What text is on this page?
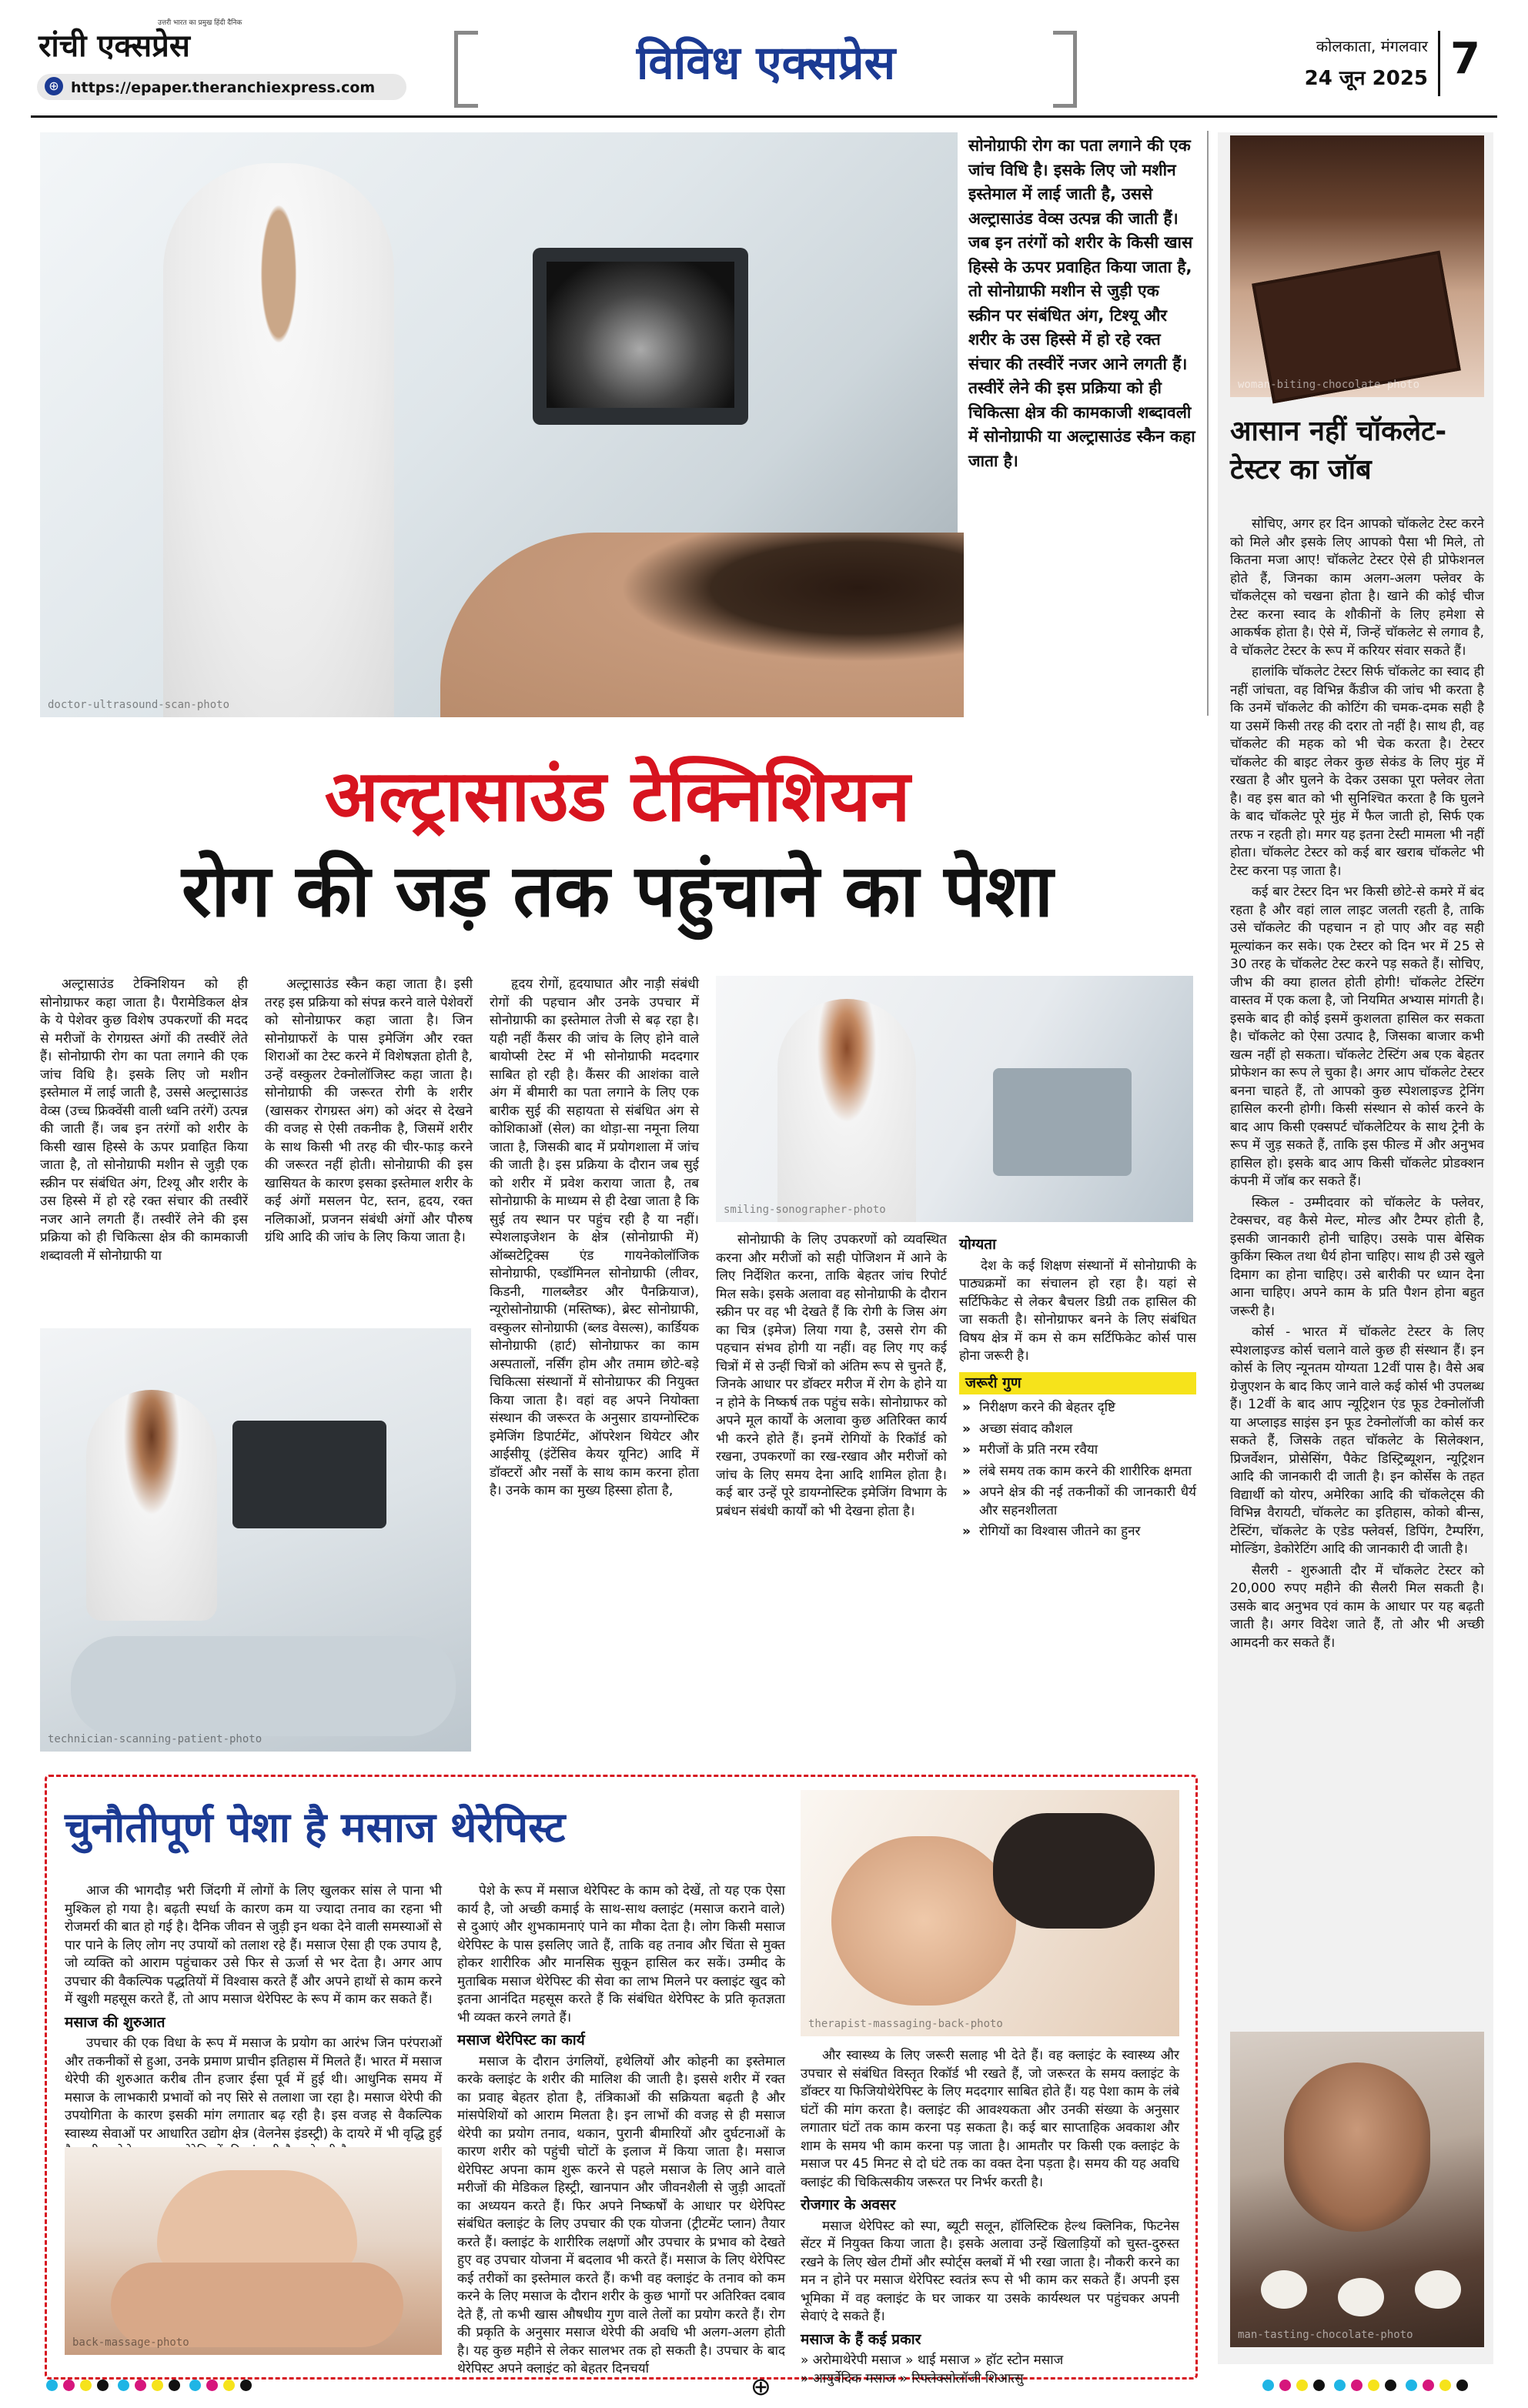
रांची एक्सप्रेस
उत्तरी भारत का प्रमुख हिंदी दैनिक
⊕ https://epaper.theranchiexpress.com	विविध एक्सप्रेस	कोलकाता, मंगलवार
24 जून 2025 7
doctor-ultrasound-scan-photo
सोनोग्राफी रोग का पता लगाने की एक जांच विधि है। इसके लिए जो मशीन इस्तेमाल में लाई जाती है, उससे अल्ट्रासाउंड वेव्स उत्पन्न की जाती हैं। जब इन तरंगों को शरीर के किसी खास हिस्से के ऊपर प्रवाहित किया जाता है, तो सोनोग्राफी मशीन से जुड़ी एक स्क्रीन पर संबंधित अंग, टिश्यू और शरीर के उस हिस्से में हो रहे रक्त संचार की तस्वीरें नजर आने लगती हैं। तस्वीरें लेने की इस प्रक्रिया को ही चिकित्सा क्षेत्र की कामकाजी शब्दावली में सोनोग्राफी या अल्ट्रासाउंड स्कैन कहा जाता है।
अल्ट्रासाउंड टेक्निशियन
रोग की जड़ तक पहुंचाने का पेशा

अल्ट्रासाउंड टेक्निशियन को ही सोनोग्राफर कहा जाता है। पैरामेडिकल क्षेत्र के ये पेशेवर कुछ विशेष उपकरणों की मदद से मरीजों के रोगग्रस्त अंगों की तस्वीरें लेते हैं। सोनोग्राफी रोग का पता लगाने की एक जांच विधि है। इसके लिए जो मशीन इस्तेमाल में लाई जाती है, उससे अल्ट्रासाउंड वेव्स (उच्च फ्रिक्वेंसी वाली ध्वनि तरंगें) उत्पन्न की जाती हैं। जब इन तरंगों को शरीर के किसी खास हिस्से के ऊपर प्रवाहित किया जाता है, तो सोनोग्राफी मशीन से जुड़ी एक स्क्रीन पर संबंधित अंग, टिश्यू और शरीर के उस हिस्से में हो रहे रक्त संचार की तस्वीरें नजर आने लगती हैं। तस्वीरें लेने की इस प्रक्रिया को ही चिकित्सा क्षेत्र की कामकाजी शब्दावली में सोनोग्राफी या

अल्ट्रासाउंड स्कैन कहा जाता है। इसी तरह इस प्रक्रिया को संपन्न करने वाले पेशेवरों को सोनोग्राफर कहा जाता है। जिन सोनोग्राफरों के पास इमेजिंग और रक्त शिराओं का टेस्ट करने में विशेषज्ञता होती है, उन्हें वस्कुलर टेक्नोलॉजिस्ट कहा जाता है। सोनोग्राफी की जरूरत रोगी के शरीर (खासकर रोगग्रस्त अंग) को अंदर से देखने की वजह से ऐसी तकनीक है, जिसमें शरीर के साथ किसी भी तरह की चीर-फाड़ करने की जरूरत नहीं होती। सोनोग्राफी की इस खासियत के कारण इसका इस्तेमाल शरीर के कई अंगों मसलन पेट, स्तन, हृदय, रक्त नलिकाओं, प्रजनन संबंधी अंगों और पौरुष ग्रंथि आदि की जांच के लिए किया जाता है।

हृदय रोगों, हृदयाघात और नाड़ी संबंधी रोगों की पहचान और उनके उपचार में सोनोग्राफी का इस्तेमाल तेजी से बढ़ रहा है। यही नहीं कैंसर की जांच के लिए होने वाले बायोप्सी टेस्ट में भी सोनोग्राफी मददगार साबित हो रही है। कैंसर की आशंका वाले अंग में बीमारी का पता लगाने के लिए एक बारीक सुई की सहायता से संबंधित अंग से कोशिकाओं (सेल) का थोड़ा-सा नमूना लिया जाता है, जिसकी बाद में प्रयोगशाला में जांच की जाती है। इस प्रक्रिया के दौरान जब सुई को शरीर में प्रवेश कराया जाता है, तब सोनोग्राफी के माध्यम से ही देखा जाता है कि सुई तय स्थान पर पहुंच रही है या नहीं। स्पेशलाइजेशन के क्षेत्र (सोनोग्राफी में) ऑब्सटेट्रिक्स एंड गायनेकोलॉजिक सोनोग्राफी, एब्डॉमिनल सोनोग्राफी (लीवर, किडनी, गालब्लैडर और पैनक्रियाज), न्यूरोसोनोग्राफी (मस्तिष्क), ब्रेस्ट सोनोग्राफी, वस्कुलर सोनोग्राफी (ब्लड वेसल्स), कार्डियक सोनोग्राफी (हार्ट) सोनोग्राफर का काम अस्पतालों, नर्सिंग होम और तमाम छोटे-बड़े चिकित्सा संस्थानों में सोनोग्राफर की नियुक्त किया जाता है। वहां वह अपने नियोक्ता संस्थान की जरूरत के अनुसार डायग्नोस्टिक इमेजिंग डिपार्टमेंट, ऑपरेशन थियेटर और आईसीयू (इंटेंसिव केयर यूनिट) आदि में डॉक्टरों और नर्सों के साथ काम करना होता है। उनके काम का मुख्य हिस्सा होता है,

smiling-sonographer-photo

सोनोग्राफी के लिए उपकरणों को व्यवस्थित करना और मरीजों को सही पोजिशन में आने के लिए निर्देशित करना, ताकि बेहतर जांच रिपोर्ट मिल सके। इसके अलावा वह सोनोग्राफी के दौरान स्क्रीन पर वह भी देखते हैं कि रोगी के जिस अंग का चित्र (इमेज) लिया गया है, उससे रोग की पहचान संभव होगी या नहीं। वह लिए गए कई चित्रों में से उन्हीं चित्रों को अंतिम रूप से चुनते हैं, जिनके आधार पर डॉक्टर मरीज में रोग के होने या न होने के निष्कर्ष तक पहुंच सके। सोनोग्राफर को अपने मूल कार्यों के अलावा कुछ अतिरिक्त कार्य भी करने होते हैं। इनमें रोगियों के रिकॉर्ड को रखना, उपकरणों का रख-रखाव और मरीजों को जांच के लिए समय देना आदि शामिल होता है। कई बार उन्हें पूरे डायग्नोस्टिक इमेजिंग विभाग के प्रबंधन संबंधी कार्यों को भी देखना होता है।

योग्यता

देश के कई शिक्षण संस्थानों में सोनोग्राफी के पाठ्यक्रमों का संचालन हो रहा है। यहां से सर्टिफिकेट से लेकर बैचलर डिग्री तक हासिल की जा सकती है। सोनोग्राफर बनने के लिए संबंधित विषय क्षेत्र में कम से कम सर्टिफिकेट कोर्स पास होना जरूरी है।

जरूरी गुण
» निरीक्षण करने की बेहतर दृष्टि
» अच्छा संवाद कौशल
» मरीजों के प्रति नरम रवैया
» लंबे समय तक काम करने की शारीरिक क्षमता
» अपने क्षेत्र की नई तकनीकों की जानकारी धैर्य और सहनशीलता
» रोगियों का विश्वास जीतने का हुनर
technician-scanning-patient-photo
woman-biting-chocolate-photo
आसान नहीं चॉकलेट-टेस्टर का जॉब

सोचिए, अगर हर दिन आपको चॉकलेट टेस्ट करने को मिले और इसके लिए आपको पैसा भी मिले, तो कितना मजा आए! चॉकलेट टेस्टर ऐसे ही प्रोफेशनल होते हैं, जिनका काम अलग-अलग फ्लेवर के चॉकलेट्स को चखना होता है। खाने की कोई चीज टेस्ट करना स्वाद के शौकीनों के लिए हमेशा से आकर्षक होता है। ऐसे में, जिन्हें चॉकलेट से लगाव है, वे चॉकलेट टेस्टर के रूप में करियर संवार सकते हैं।

हालांकि चॉकलेट टेस्टर सिर्फ चॉकलेट का स्वाद ही नहीं जांचता, वह विभिन्न कैंडीज की जांच भी करता है कि उनमें चॉकलेट की कोटिंग की चमक-दमक सही है या उसमें किसी तरह की दरार तो नहीं है। साथ ही, वह चॉकलेट की महक को भी चेक करता है। टेस्टर चॉकलेट की बाइट लेकर कुछ सेकंड के लिए मुंह में रखता है और घुलने के देकर उसका पूरा फ्लेवर लेता है। वह इस बात को भी सुनिश्चित करता है कि घुलने के बाद चॉकलेट पूरे मुंह में फैल जाती हो, सिर्फ एक तरफ न रहती हो। मगर यह इतना टेस्टी मामला भी नहीं होता। चॉकलेट टेस्टर को कई बार खराब चॉकलेट भी टेस्ट करना पड़ जाता है।

कई बार टेस्टर दिन भर किसी छोटे-से कमरे में बंद रहता है और वहां लाल लाइट जलती रहती है, ताकि उसे चॉकलेट की पहचान न हो पाए और वह सही मूल्यांकन कर सके। एक टेस्टर को दिन भर में 25 से 30 तरह के चॉकलेट टेस्ट करने पड़ सकते हैं। सोचिए, जीभ की क्या हालत होती होगी! चॉकलेट टेस्टिंग वास्तव में एक कला है, जो नियमित अभ्यास मांगती है। इसके बाद ही कोई इसमें कुशलता हासिल कर सकता है। चॉकलेट को ऐसा उत्पाद है, जिसका बाजार कभी खत्म नहीं हो सकता। चॉकलेट टेस्टिंग अब एक बेहतर प्रोफेशन का रूप ले चुका है। अगर आप चॉकलेट टेस्टर बनना चाहते हैं, तो आपको कुछ स्पेशलाइज्ड ट्रेनिंग हासिल करनी होगी। किसी संस्थान से कोर्स करने के बाद आप किसी एक्सपर्ट चॉकलेटियर के साथ ट्रेनी के रूप में जुड़ सकते हैं, ताकि इस फील्ड में और अनुभव हासिल हो। इसके बाद आप किसी चॉकलेट प्रोडक्शन कंपनी में जॉब कर सकते हैं।

स्किल - उम्मीदवार को चॉकलेट के फ्लेवर, टेक्सचर, वह कैसे मेल्ट, मोल्ड और टैम्पर होती है, इसकी जानकारी होनी चाहिए। उसके पास बेसिक कुकिंग स्किल तथा धैर्य होना चाहिए। साथ ही उसे खुले दिमाग का होना चाहिए। उसे बारीकी पर ध्यान देना आना चाहिए। अपने काम के प्रति पैशन होना बहुत जरूरी है।

कोर्स - भारत में चॉकलेट टेस्टर के लिए स्पेशलाइज्ड कोर्स चलाने वाले कुछ ही संस्थान हैं। इन कोर्स के लिए न्यूनतम योग्यता 12वीं पास है। वैसे अब ग्रेजुएशन के बाद किए जाने वाले कई कोर्स भी उपलब्ध हैं। 12वीं के बाद आप न्यूट्रिशन एंड फूड टेक्नोलॉजी या अप्लाइड साइंस इन फूड टेक्नोलॉजी का कोर्स कर सकते हैं, जिसके तहत चॉकलेट के सिलेक्शन, प्रिजर्वेशन, प्रोसेसिंग, पैकेट डिस्ट्रिब्यूशन, न्यूट्रिशन आदि की जानकारी दी जाती है। इन कोर्सेस के तहत विद्यार्थी को योरप, अमेरिका आदि की चॉकलेट्स की विभिन्न वैरायटी, चॉकलेट का इतिहास, कोको बीन्स, टेस्टिंग, चॉकलेट के एडेड फ्लेवर्स, डिपिंग, टैम्परिंग, मोल्डिंग, डेकोरेटिंग आदि की जानकारी दी जाती है।

सैलरी - शुरुआती दौर में चॉकलेट टेस्टर को 20,000 रुपए महीने की सैलरी मिल सकती है। उसके बाद अनुभव एवं काम के आधार पर यह बढ़ती जाती है। अगर विदेश जाते हैं, तो और भी अच्छी आमदनी कर सकते हैं।

man-tasting-chocolate-photo
चुनौतीपूर्ण पेशा है मसाज थेरेपिस्ट

आज की भागदौड़ भरी जिंदगी में लोगों के लिए खुलकर सांस ले पाना भी मुश्किल हो गया है। बढ़ती स्पर्धा के कारण कम या ज्यादा तनाव का रहना भी रोजमर्रा की बात हो गई है। दैनिक जीवन से जुड़ी इन थका देने वाली समस्याओं से पार पाने के लिए लोग नए उपायों को तलाश रहे हैं। मसाज ऐसा ही एक उपाय है, जो व्यक्ति को आराम पहुंचाकर उसे फिर से ऊर्जा से भर देता है। अगर आप उपचार की वैकल्पिक पद्धतियों में विश्वास करते हैं और अपने हाथों से काम करने में खुशी महसूस करते हैं, तो आप मसाज थेरेपिस्ट के रूप में काम कर सकते हैं।

मसाज की शुरुआत

उपचार की एक विधा के रूप में मसाज के प्रयोग का आरंभ जिन परंपराओं और तकनीकों से हुआ, उनके प्रमाण प्राचीन इतिहास में मिलते हैं। भारत में मसाज थेरेपी की शुरुआत करीब तीन हजार ईसा पूर्व में हुई थी। आधुनिक समय में मसाज के लाभकारी प्रभावों को नए सिरे से तलाशा जा रहा है। मसाज थेरेपी की उपयोगिता के कारण इसकी मांग लगातार बढ़ रही है। इस वजह से वैकल्पिक स्वास्थ्य सेवाओं पर आधारित उद्योग क्षेत्र (वेलनेस इंडस्ट्री) के दायरे में भी वृद्धि हुई

back-massage-photo

पेशे के रूप में मसाज थेरेपिस्ट के काम को देखें, तो यह एक ऐसा कार्य है, जो अच्छी कमाई के साथ-साथ क्लाइंट (मसाज कराने वाले) से दुआएं और शुभकामनाएं पाने का मौका देता है। लोग किसी मसाज थेरेपिस्ट के पास इसलिए जाते हैं, ताकि वह तनाव और चिंता से मुक्त होकर शारीरिक और मानसिक सुकून हासिल कर सकें। उम्मीद के मुताबिक मसाज थेरेपिस्ट की सेवा का लाभ मिलने पर क्लाइंट खुद को इतना आनंदित महसूस करते हैं कि संबंधित थेरेपिस्ट के प्रति कृतज्ञता भी व्यक्त करने लगते हैं।

मसाज थेरेपिस्ट का कार्य

मसाज के दौरान उंगलियों, हथेलियों और कोहनी का इस्तेमाल करके क्लाइंट के शरीर की मालिश की जाती है। इससे शरीर में रक्त का प्रवाह बेहतर होता है, तंत्रिकाओं की सक्रियता बढ़ती है और मांसपेशियों को आराम मिलता है। इन लाभों की वजह से ही मसाज थेरेपी का प्रयोग तनाव, थकान, पुरानी बीमारियों और दुर्घटनाओं के कारण शरीर को पहुंची चोटों के इलाज में किया जाता है। मसाज थेरेपिस्ट अपना काम शुरू करने से पहले मसाज के लिए आने वाले मरीजों की मेडिकल हिस्ट्री, खानपान और जीवनशैली से जुड़ी आदतों का अध्ययन करते हैं। फिर अपने निष्कर्षों के आधार पर थेरेपिस्ट संबंधित क्लाइंट के लिए उपचार की एक योजना (ट्रीटमेंट प्लान) तैयार करते हैं। क्लाइंट के शारीरिक लक्षणों और उपचार के प्रभाव को देखते हुए वह उपचार योजना में बदलाव भी करते हैं। मसाज के लिए थेरेपिस्ट कई तरीकों का इस्तेमाल करते हैं। कभी वह क्लाइंट के तनाव को कम करने के लिए मसाज के दौरान शरीर के कुछ भागों पर अतिरिक्त दबाव देते हैं, तो कभी खास औषधीय गुण वाले तेलों का प्रयोग करते हैं। रोग की प्रकृति के अनुसार मसाज थेरेपी की अवधि भी अलग-अलग होती है। यह कुछ महीने से लेकर सालभर तक हो सकती है। उपचार के बाद थेरेपिस्ट अपने क्लाइंट को बेहतर दिनचर्या

therapist-massaging-back-photo

और स्वास्थ्य के लिए जरूरी सलाह भी देते हैं। वह क्लाइंट के स्वास्थ्य और उपचार से संबंधित विस्तृत रिकॉर्ड भी रखते हैं, जो जरूरत के समय क्लाइंट के डॉक्टर या फिजियोथेरेपिस्ट के लिए मददगार साबित होते हैं। यह पेशा काम के लंबे घंटों की मांग करता है। क्लाइंट की आवश्यकता और उनकी संख्या के अनुसार लगातार घंटों तक काम करना पड़ सकता है। कई बार साप्ताहिक अवकाश और शाम के समय भी काम करना पड़ जाता है। आमतौर पर किसी एक क्लाइंट के मसाज पर 45 मिनट से दो घंटे तक का वक्त देना पड़ता है। समय की यह अवधि क्लाइंट की चिकित्सकीय जरूरत पर निर्भर करती है।

रोजगार के अवसर

मसाज थेरेपिस्ट को स्पा, ब्यूटी सलून, हॉलिस्टिक हेल्थ क्लिनिक, फिटनेस सेंटर में नियुक्त किया जाता है। इसके अलावा उन्हें खिलाड़ियों को चुस्त-दुरुस्त रखने के लिए खेल टीमों और स्पोर्ट्स क्लबों में भी रखा जाता है। नौकरी करने का मन न होने पर मसाज थेरेपिस्ट स्वतंत्र रूप से भी काम कर सकते हैं। अपनी इस भूमिका में वह क्लाइंट के घर जाकर या उसके कार्यस्थल पर पहुंचकर अपनी सेवाएं दे सकते हैं।

मसाज के हैं कई प्रकार
» अरोमाथेरेपी मसाज » थाई मसाज » हॉट स्टोन मसाज
» आयुर्वेदिक मसाज » रिफ्लेक्सोलॉजी शिआत्सु

⊕
